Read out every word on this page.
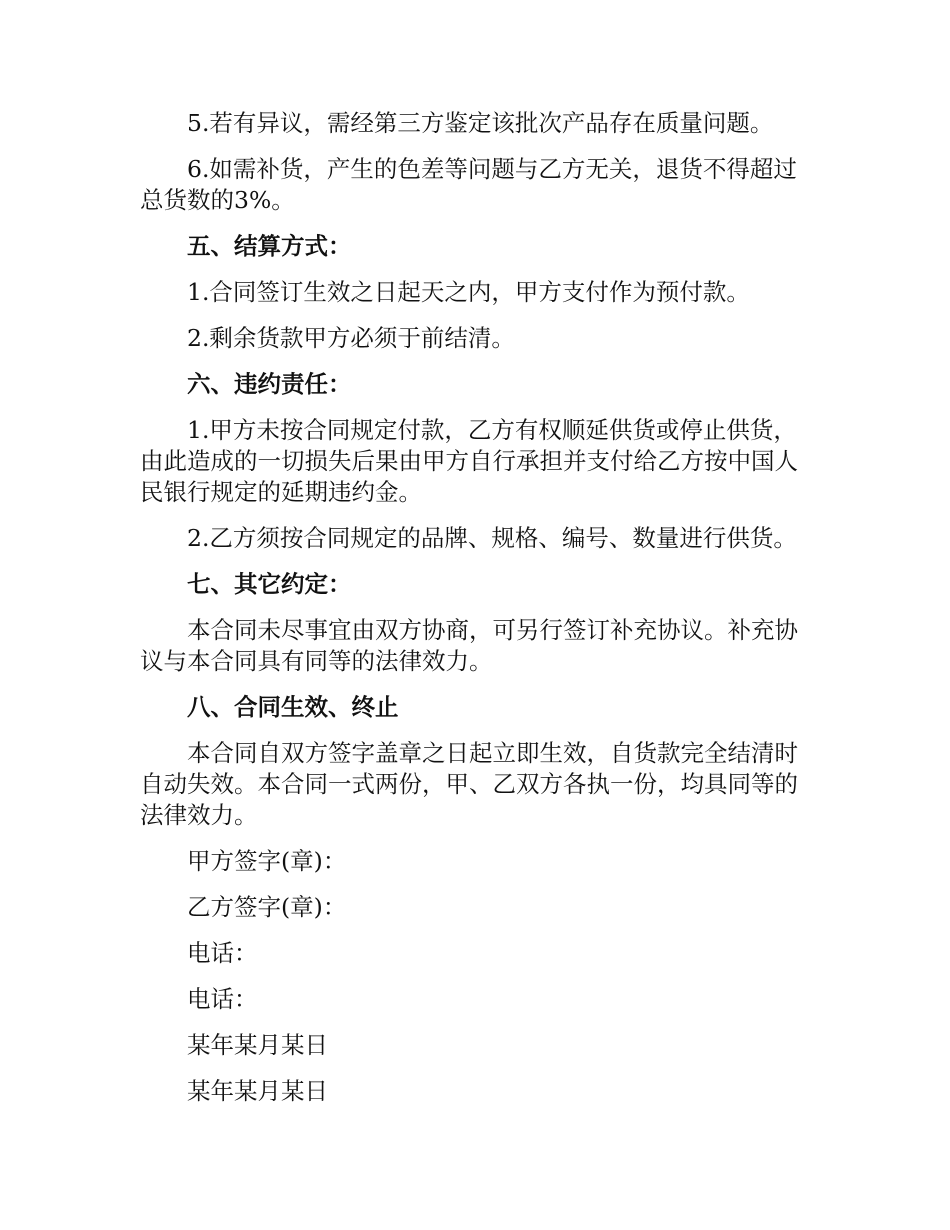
5.若有异议，需经第三方鉴定该批次产品存在质量问题。

6.如需补货，产生的色差等问题与乙方无关，退货不得超过总货数的3%。

五、结算方式：

1.合同签订生效之日起天之内，甲方支付作为预付款。

2.剩余货款甲方必须于前结清。

六、违约责任：

1.甲方未按合同规定付款，乙方有权顺延供货或停止供货，由此造成的一切损失后果由甲方自行承担并支付给乙方按中国人民银行规定的延期违约金。

2.乙方须按合同规定的品牌、规格、编号、数量进行供货。

七、其它约定：

本合同未尽事宜由双方协商，可另行签订补充协议。补充协议与本合同具有同等的法律效力。

八、合同生效、终止

本合同自双方签字盖章之日起立即生效，自货款完全结清时自动失效。本合同一式两份，甲、乙双方各执一份，均具同等的法律效力。

甲方签字(章)：

乙方签字(章)：

电话：

电话：

某年某月某日

某年某月某日
